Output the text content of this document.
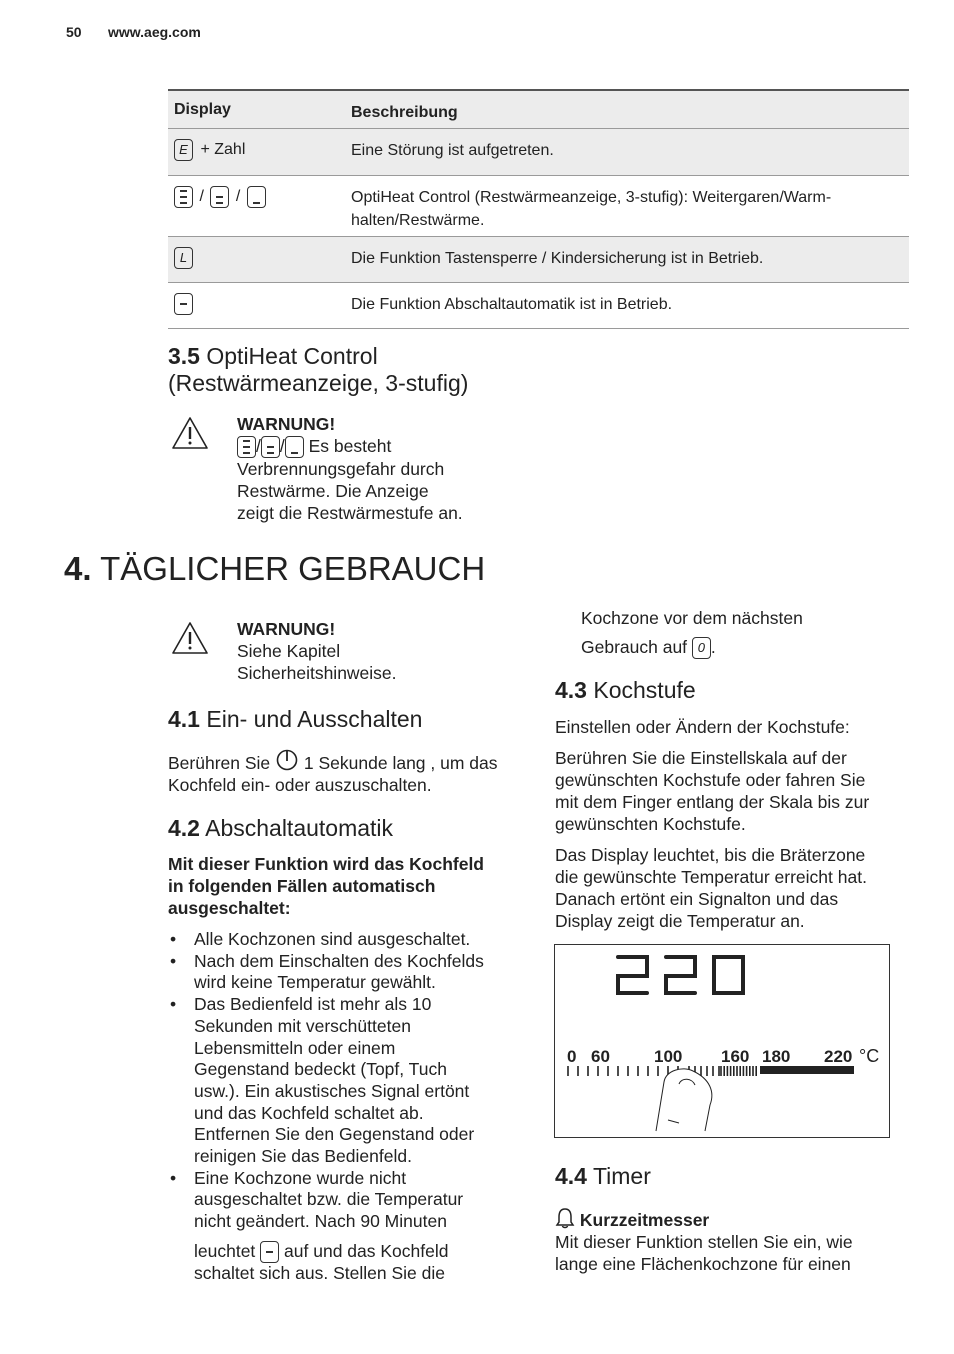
50 www.aeg.com
Display	Beschreibung
E + Zahl	Eine Störung ist aufgetreten.
/ /	OptiHeat Control (Restwärmeanzeige, 3-stufig): Weitergaren/Warm-halten/Restwärme.
L	Die Funktion Tastensperre / Kindersicherung ist in Betrieb.
Die Funktion Abschaltautomatik ist in Betrieb.
3.5 OptiHeat Control
(Restwärmeanzeige, 3-stufig)
WARNUNG!
/ / Es besteht
Verbrennungsgefahr durch
Restwärme. Die Anzeige
zeigt die Restwärmestufe an.
4. TÄGLICHER GEBRAUCH
WARNUNG!
Siehe Kapitel
Sicherheitshinweise.
4.1 Ein- und Ausschalten
Berühren Sie 1 Sekunde lang , um das
Kochfeld ein- oder auszuschalten.
4.2 Abschaltautomatik
Mit dieser Funktion wird das Kochfeld
in folgenden Fällen automatisch
ausgeschaltet:
• Alle Kochzonen sind ausgeschaltet.
• Nach dem Einschalten des Kochfelds
wird keine Temperatur gewählt.
• Das Bedienfeld ist mehr als 10
Sekunden mit verschütteten
Lebensmitteln oder einem
Gegenstand bedeckt (Topf, Tuch
usw.). Ein akustisches Signal ertönt
und das Kochfeld schaltet ab.
Entfernen Sie den Gegenstand oder
reinigen Sie das Bedienfeld.
• Eine Kochzone wurde nicht
ausgeschaltet bzw. die Temperatur
nicht geändert. Nach 90 Minuten
leuchtet auf und das Kochfeld
schaltet sich aus. Stellen Sie die
Kochzone vor dem nächsten
Gebrauch auf 0 .
4.3 Kochstufe
Einstellen oder Ändern der Kochstufe:
Berühren Sie die Einstellskala auf der
gewünschten Kochstufe oder fahren Sie
mit dem Finger entlang der Skala bis zur
gewünschten Kochstufe.
Das Display leuchtet, bis die Bräterzone
die gewünschte Temperatur erreicht hat.
Danach ertönt ein Signalton und das
Display zeigt die Temperatur an.
0 60	100 160 180 220 °C
4.4 Timer
Kurzzeitmesser
Mit dieser Funktion stellen Sie ein, wie
lange eine Flächenkochzone für einen
